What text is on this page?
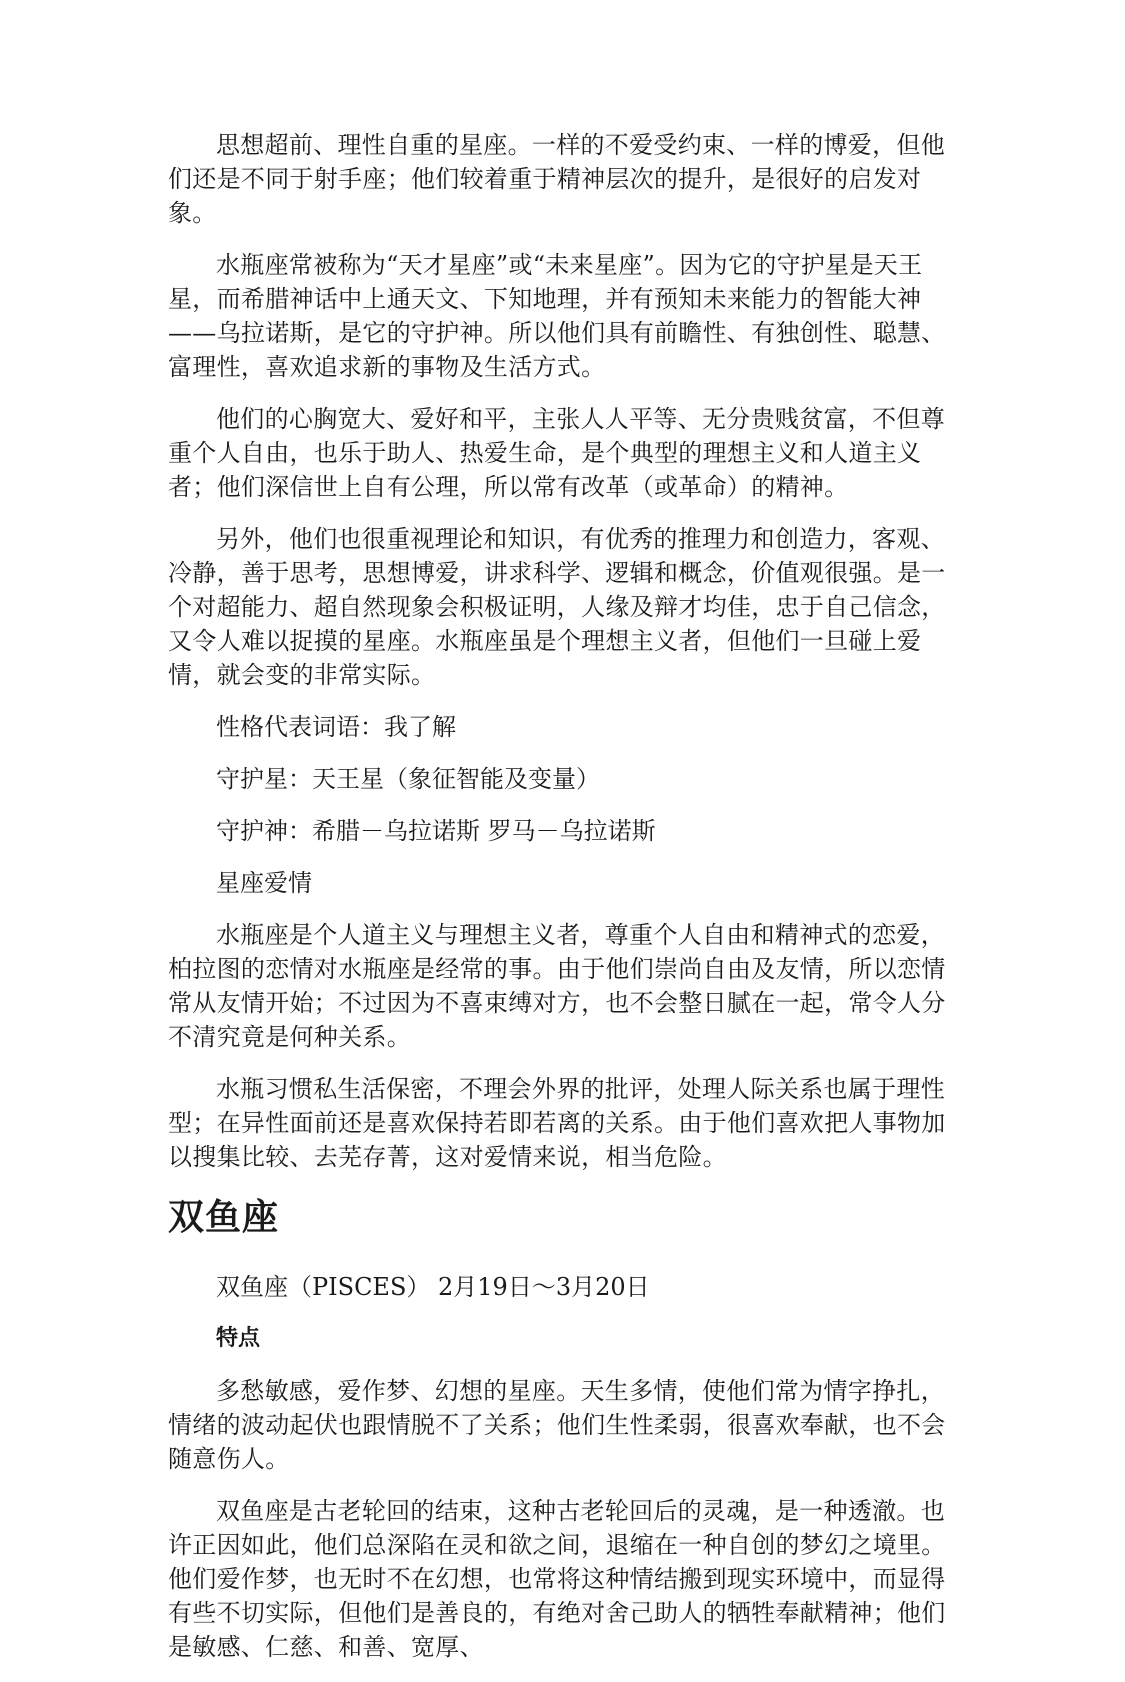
思想超前、理性自重的星座。一样的不爱受约束、一样的博爱，但他们还是不同于射手座；他们较着重于精神层次的提升，是很好的启发对象。

水瓶座常被称为“天才星座”或“未来星座”。因为它的守护星是天王星，而希腊神话中上通天文、下知地理，并有预知未来能力的智能大神——乌拉诺斯，是它的守护神。所以他们具有前瞻性、有独创性、聪慧、富理性，喜欢追求新的事物及生活方式。

他们的心胸宽大、爱好和平，主张人人平等、无分贵贱贫富，不但尊重个人自由，也乐于助人、热爱生命，是个典型的理想主义和人道主义者；他们深信世上自有公理，所以常有改革（或革命）的精神。

另外，他们也很重视理论和知识，有优秀的推理力和创造力，客观、冷静，善于思考，思想博爱，讲求科学、逻辑和概念，价值观很强。是一个对超能力、超自然现象会积极证明，人缘及辩才均佳，忠于自己信念，又令人难以捉摸的星座。水瓶座虽是个理想主义者，但他们一旦碰上爱情，就会变的非常实际。

性格代表词语：我了解

守护星：天王星（象征智能及变量）

守护神：希腊－乌拉诺斯 罗马－乌拉诺斯

星座爱情

水瓶座是个人道主义与理想主义者，尊重个人自由和精神式的恋爱，柏拉图的恋情对水瓶座是经常的事。由于他们崇尚自由及友情，所以恋情常从友情开始；不过因为不喜束缚对方，也不会整日腻在一起，常令人分不清究竟是何种关系。

水瓶习惯私生活保密，不理会外界的批评，处理人际关系也属于理性型；在异性面前还是喜欢保持若即若离的关系。由于他们喜欢把人事物加以搜集比较、去芜存菁，这对爱情来说，相当危险。

双鱼座

双鱼座（PISCES） 2月19日～3月20日

特点

多愁敏感，爱作梦、幻想的星座。天生多情，使他们常为情字挣扎，情绪的波动起伏也跟情脱不了关系；他们生性柔弱，很喜欢奉献，也不会随意伤人。

双鱼座是古老轮回的结束，这种古老轮回后的灵魂，是一种透澈。也许正因如此，他们总深陷在灵和欲之间，退缩在一种自创的梦幻之境里。他们爱作梦，也无时不在幻想，也常将这种情结搬到现实环境中，而显得有些不切实际，但他们是善良的，有绝对舍己助人的牺牲奉献精神；他们是敏感、仁慈、和善、宽厚、
